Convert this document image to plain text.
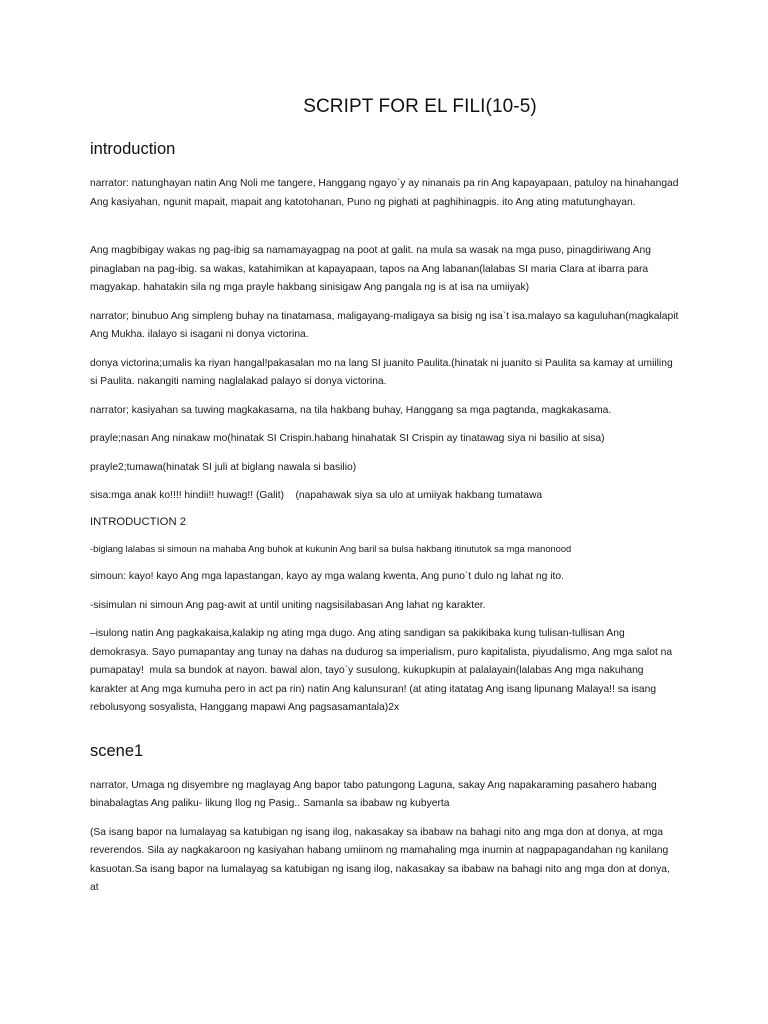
SCRIPT FOR EL FILI(10-5)
introduction

narrator: natunghayan natin Ang Noli me tangere, Hanggang ngayo`y ay ninanais pa rin Ang kapayapaan, patuloy na hinahangad Ang kasiyahan, ngunit mapait, mapait ang katotohanan, Puno ng pighati at paghihinagpis. ito Ang ating matutunghayan.

Ang magbibigay wakas ng pag-ibig sa namamayagpag na poot at galit. na mula sa wasak na mga puso, pinagdiriwang Ang pinaglaban na pag-ibig. sa wakas, katahimikan at kapayapaan, tapos na Ang labanan(lalabas SI maria Clara at ibarra para magyakap. hahatakin sila ng mga prayle hakbang sinisigaw Ang pangala ng is at isa na umiiyak)

narrator; binubuo Ang simpleng buhay na tinatamasa, maligayang-maligaya sa bisig ng isa`t isa.malayo sa kaguluhan(magkalapit Ang Mukha. ilalayo si isagani ni donya victorina.

donya victorina;umalis ka riyan hangal!pakasalan mo na lang SI juanito Paulita.(hinatak ni juanito si Paulita sa kamay at umiiling si Paulita. nakangiti naming naglalakad palayo si donya victorina.

narrator; kasiyahan sa tuwing magkakasama, na tila hakbang buhay, Hanggang sa mga pagtanda, magkakasama.

prayle;nasan Ang ninakaw mo(hinatak SI Crispin.habang hinahatak SI Crispin ay tinatawag siya ni basilio at sisa)

prayle2;tumawa(hinatak SI juli at biglang nawala si basilio)

sisa:mga anak ko!!!! hindii!! huwag!! (Galit)    (napahawak siya sa ulo at umiiyak hakbang tumatawa

INTRODUCTION 2

-biglang lalabas si simoun na mahaba Ang buhok at kukunin Ang baril sa bulsa hakbang itinututok sa mga manonood

simoun: kayo! kayo Ang mga lapastangan, kayo ay mga walang kwenta, Ang puno`t dulo ng lahat ng ito.

-sisimulan ni simoun Ang pag-awit at until uniting nagsisilabasan Ang lahat ng karakter.

–isulong natin Ang pagkakaisa,kalakip ng ating mga dugo. Ang ating sandigan sa pakikibaka kung tulisan-tullisan Ang demokrasya. Sayo pumapantay ang tunay na dahas na dudurog sa imperialism, puro kapitalista, piyudalismo, Ang mga salot na pumapatay!  mula sa bundok at nayon. bawal alon, tayo`y susulong, kukupkupin at palalayain(lalabas Ang mga nakuhang karakter at Ang mga kumuha pero in act pa rin) natin Ang kalunsuran! (at ating itatatag Ang isang lipunang Malaya!! sa isang rebolusyong sosyalista, Hanggang mapawi Ang pagsasamantala)2x

scene1

narrator, Umaga ng disyembre ng maglayag Ang bapor tabo patungong Laguna, sakay Ang napakaraming pasahero habang binabalagtas Ang paliku- likung Ilog ng Pasig.. Samanla sa ibabaw ng kubyerta

(Sa isang bapor na lumalayag sa katubigan ng isang ilog, nakasakay sa ibabaw na bahagi nito ang mga don at donya, at mga reverendos. Sila ay nagkakaroon ng kasiyahan habang umiinom ng mamahaling mga inumin at nagpapagandahan ng kanilang kasuotan.Sa isang bapor na lumalayag sa katubigan ng isang ilog, nakasakay sa ibabaw na bahagi nito ang mga don at donya, at
